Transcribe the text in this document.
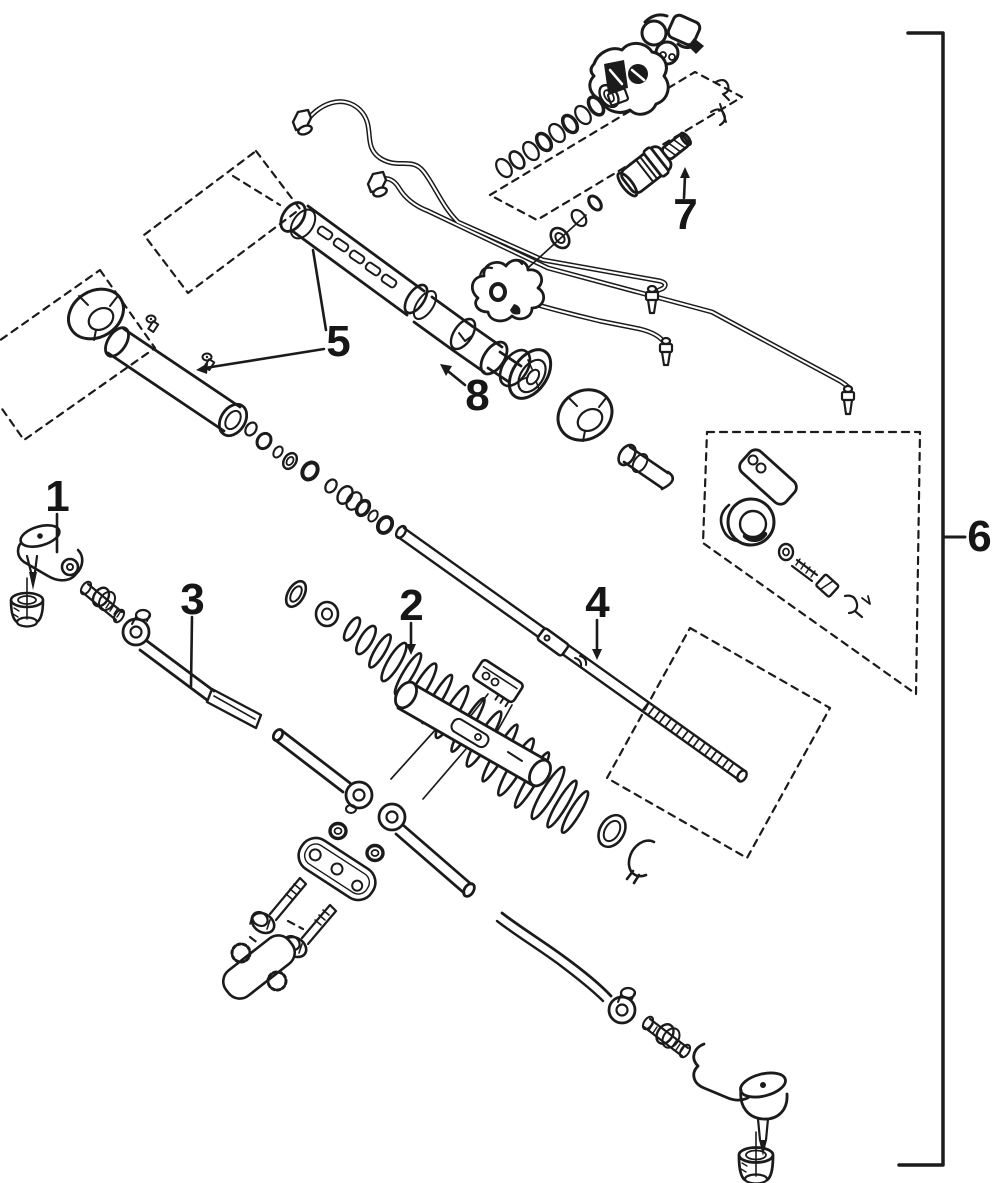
1
2
3	4
5
6
7
8
